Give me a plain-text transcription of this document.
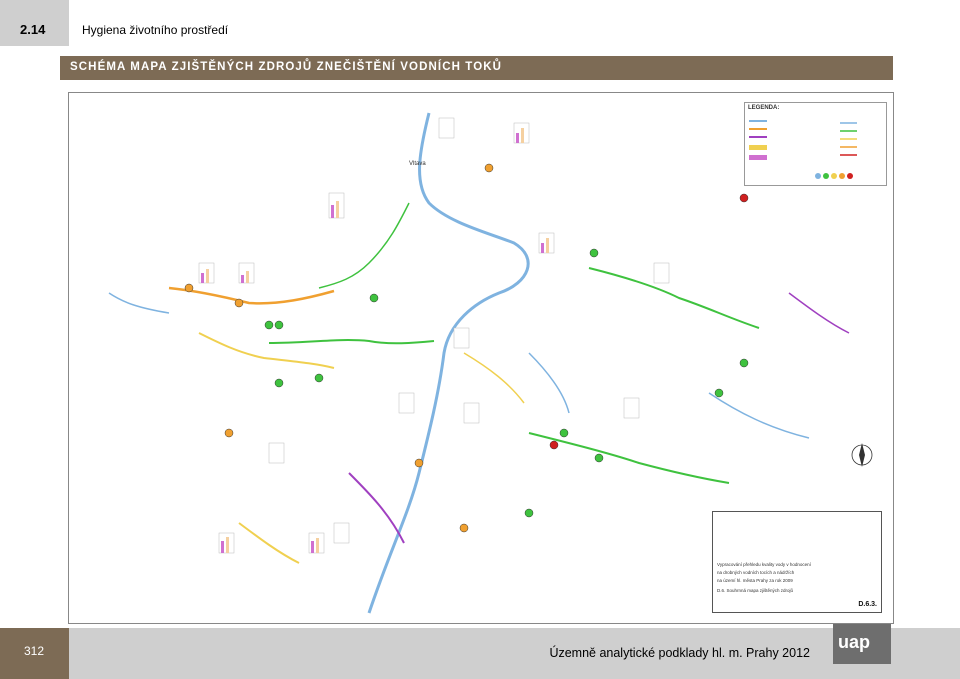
2.14	Hygiena životního prostředí
SCHÉMA MAPA ZJIŠTĚNÝCH ZDROJŮ ZNEČIŠTĚNÍ VODNÍCH TOKŮ
Vltava
LEGENDA:
Vypracování přehledu kvality vody v hodnocení
na drobných vodních tocích a nádržích
na území hl. města Prahy za rok 2009
D.6. Souhrnná mapa zjištěných zdrojů
D.6.3.
Územně analytické podklady hl. m. Prahy 2012
312	uap
